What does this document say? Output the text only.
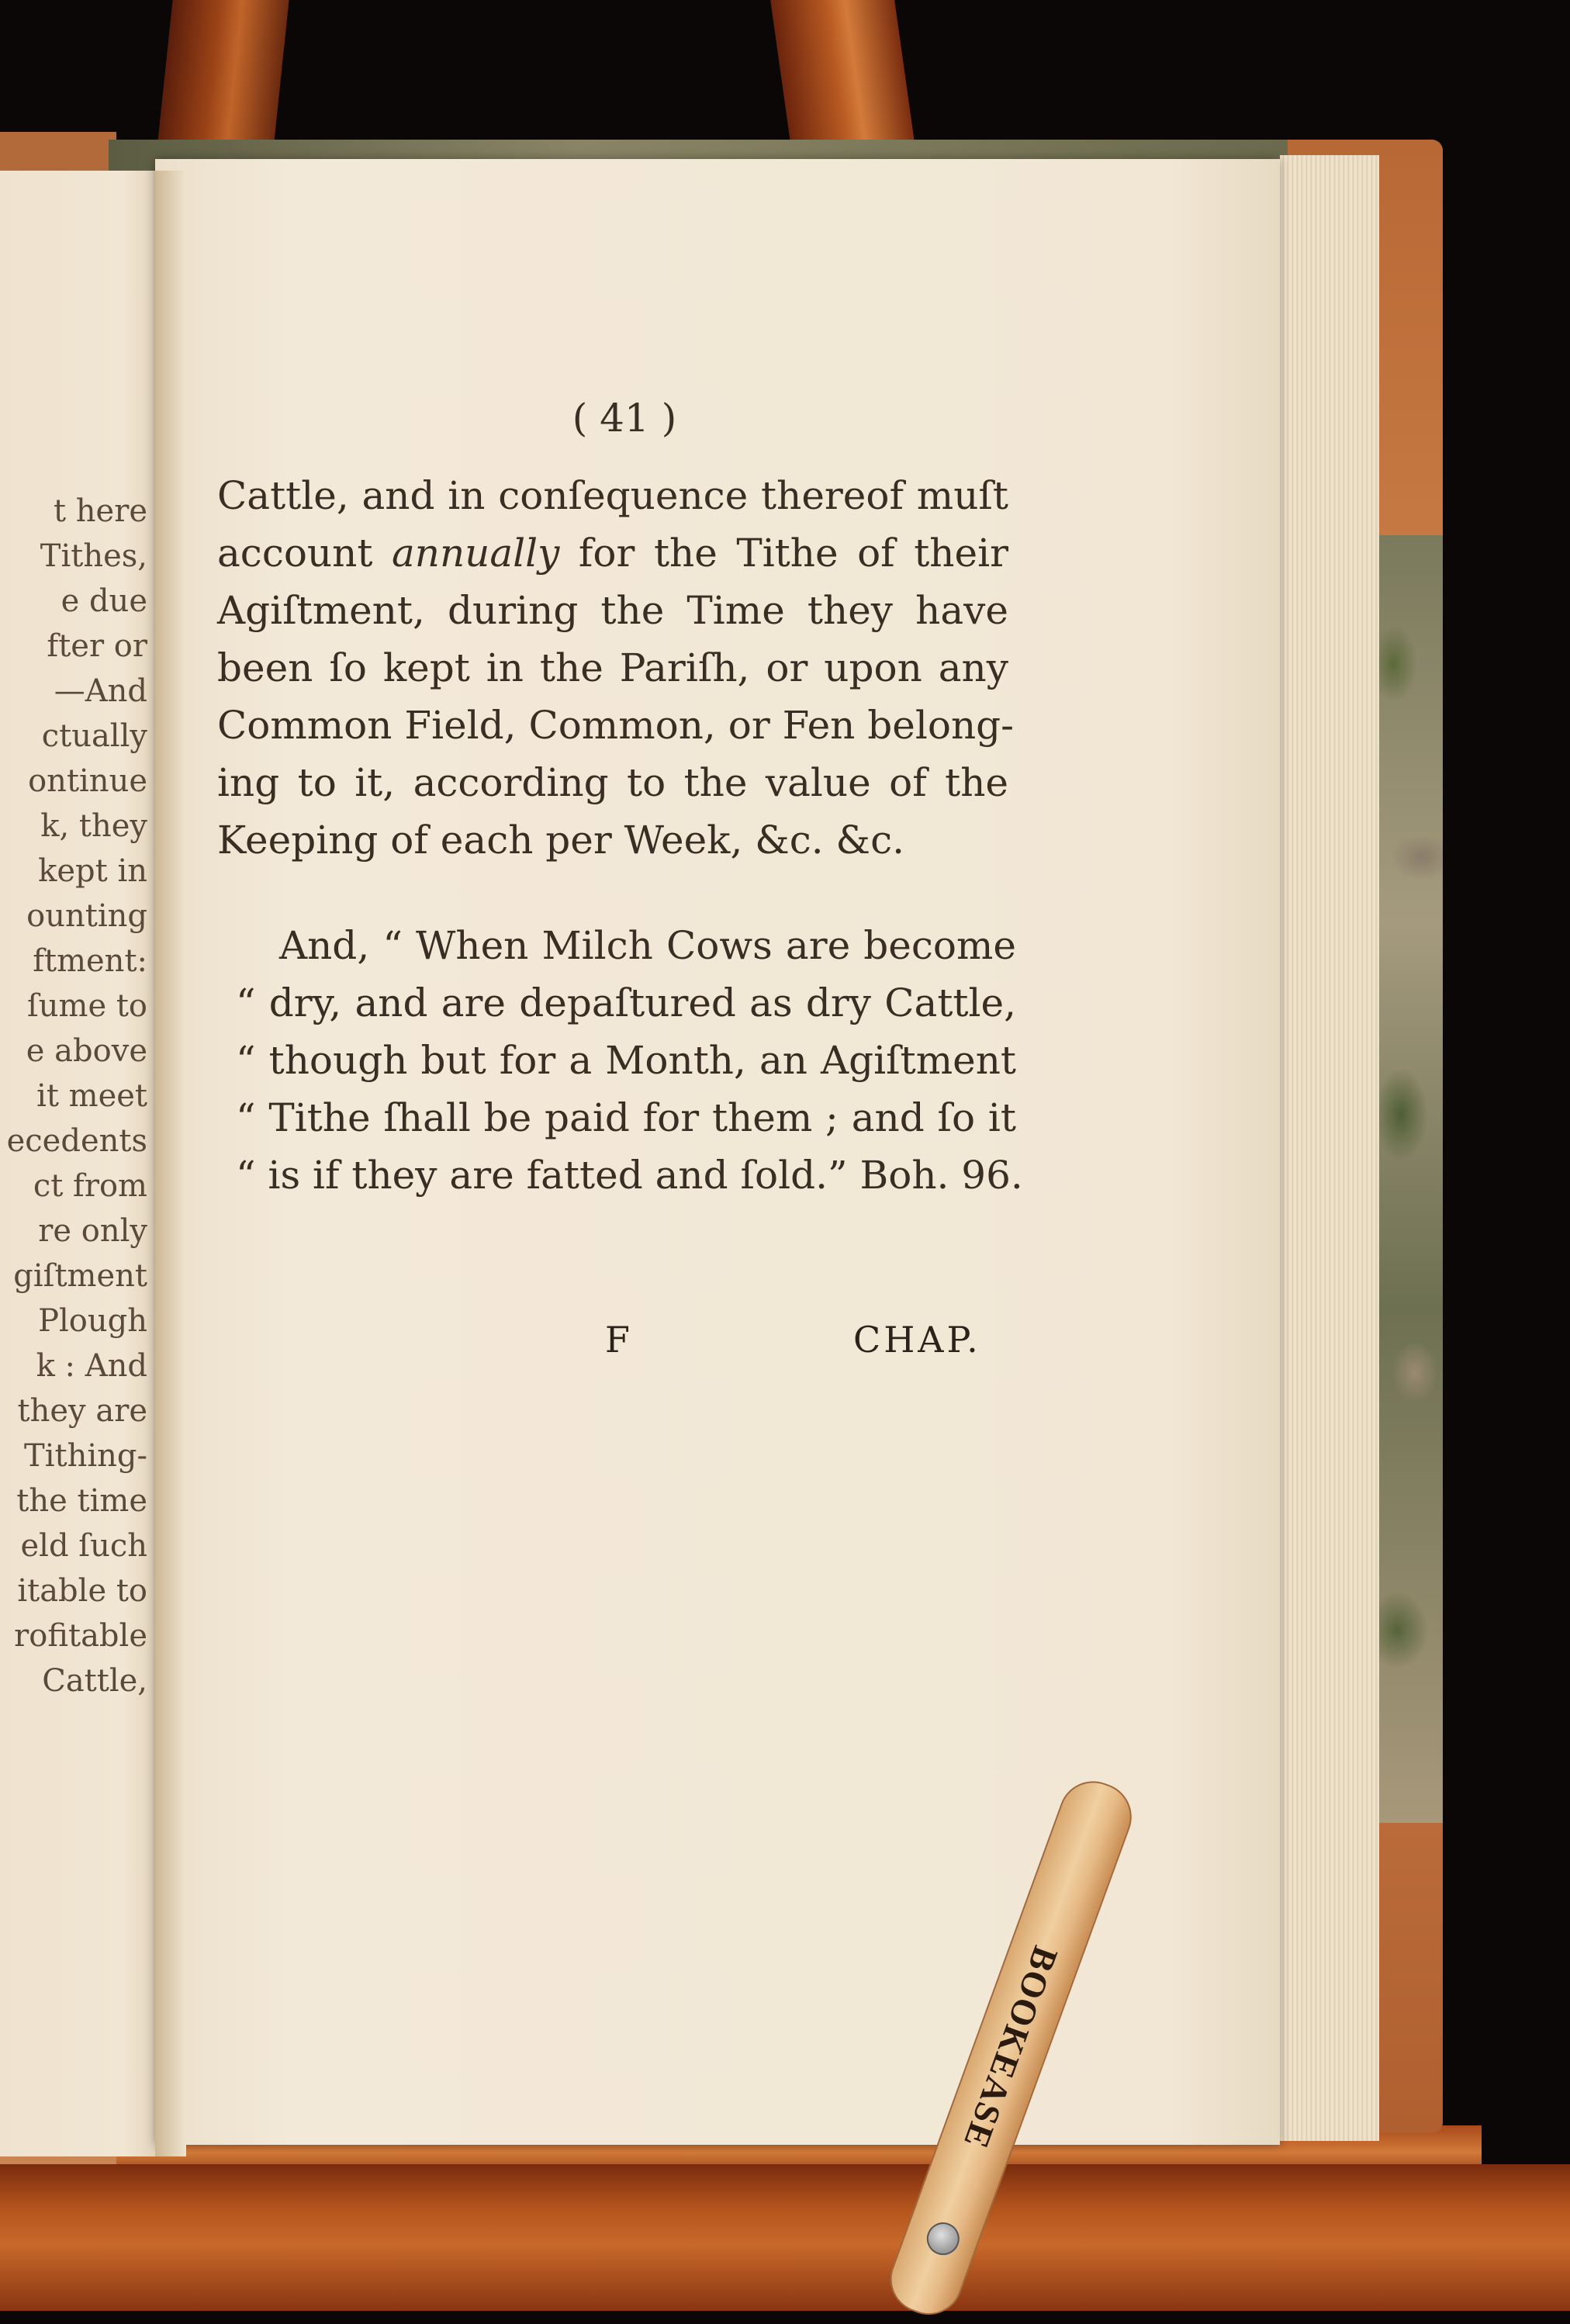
t here
Tithes,
e due
fter or
—And
ctually
ontinue
k, they
kept in
ounting
ftment:
ſume to
e above
it meet
ecedents
ct from
re only
giſtment
Plough
k : And
they are
Tithing-
the time
eld ſuch
itable to
rofitable
Cattle,
( 41 )
Cattle, and in conſequence thereof muſt
account annually for the Tithe of their
Agiſtment, during the Time they have
been ſo kept in the Pariſh, or upon any
Common Field, Common, or Fen belong-
ing to it, according to the value of the
Keeping of each per Week, &c. &c.
And, “ When Milch Cows are become
“ dry, and are depaſtured as dry Cattle,
“ though but for a Month, an Agiſtment
“ Tithe ſhall be paid for them ; and ſo it
“ is if they are fatted and ſold.” Boh. 96.
F	CHAP.
BOOKEASE
